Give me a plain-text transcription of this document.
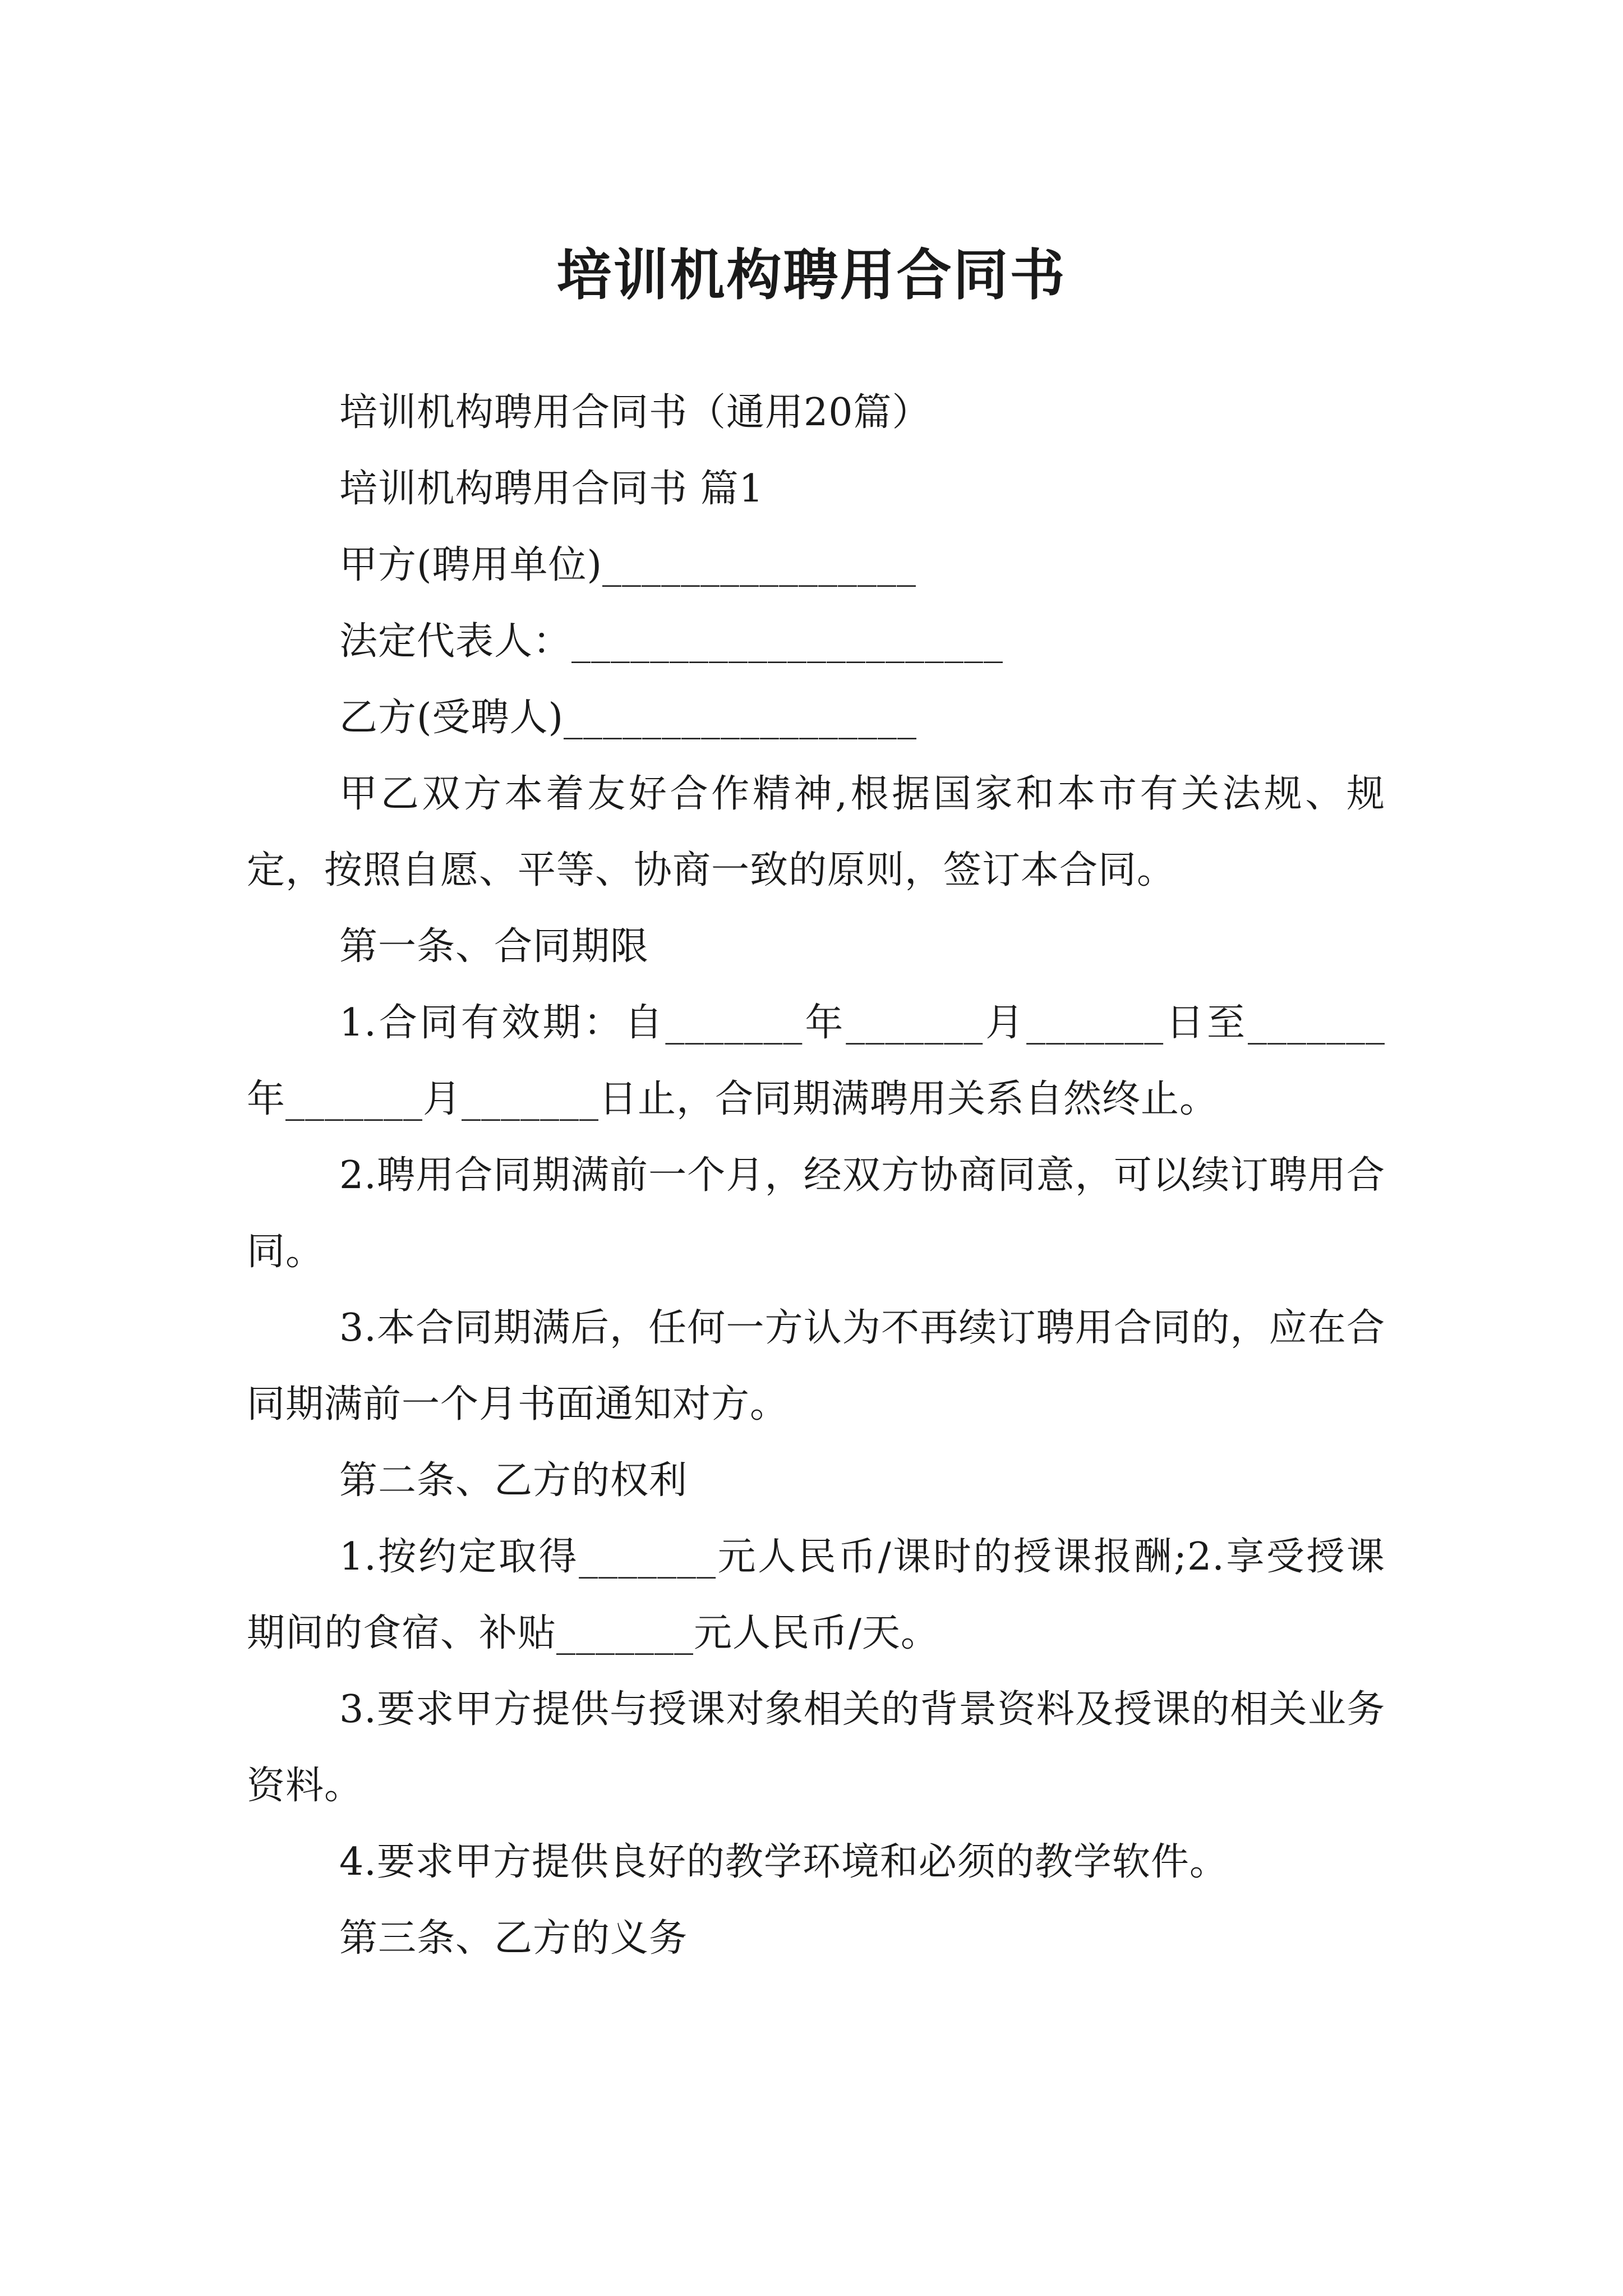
培训机构聘用合同书

培训机构聘用合同书（通用20篇）

培训机构聘用合同书 篇1

甲方(聘用单位)________________

法定代表人：______________________

乙方(受聘人)__________________

甲乙双方本着友好合作精神,根据国家和本市有关法规、规定，按照自愿、平等、协商一致的原则，签订本合同。

第一条、合同期限

1.合同有效期：自_______年_______月_______日至_______年_______月_______日止，合同期满聘用关系自然终止。

2.聘用合同期满前一个月，经双方协商同意，可以续订聘用合同。

3.本合同期满后，任何一方认为不再续订聘用合同的，应在合同期满前一个月书面通知对方。

第二条、乙方的权利

1.按约定取得_______元人民币/课时的授课报酬;2.享受授课期间的食宿、补贴_______元人民币/天。

3.要求甲方提供与授课对象相关的背景资料及授课的相关业务资料。

4.要求甲方提供良好的教学环境和必须的教学软件。

第三条、乙方的义务
